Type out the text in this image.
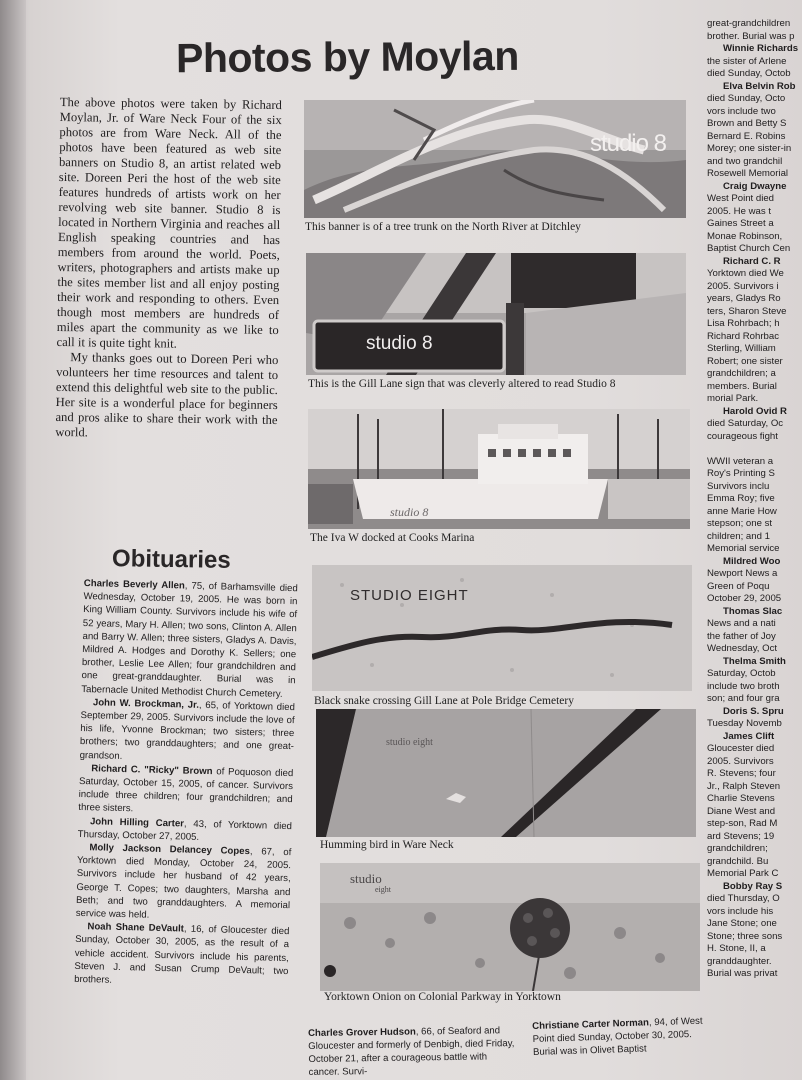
Photos by Moylan

The above photos were taken by Richard Moylan, Jr. of Ware Neck Four of the six photos are from Ware Neck. All of the photos have been featured as web site banners on Studio 8, an artist related web site. Doreen Peri the host of the web site features hundreds of artists work on her revolving web site banner. Studio 8 is located in Northern Virginia and reaches all English speaking countries and has members from around the world. Poets, writers, photographers and artists make up the sites member list and all enjoy posting their work and responding to others. Even though most members are hundreds of miles apart the community as we like to call it is quite tight knit.

My thanks goes out to Doreen Peri who volunteers her time resources and talent to extend this delightful web site to the public. Her site is a wonderful place for beginners and pros alike to share their work with the world.

Obituaries

Charles Beverly Allen, 75, of Barhamsville died Wednesday, October 19, 2005. He was born in King William County. Survivors include his wife of 52 years, Mary H. Allen; two sons, Clinton A. Allen and Barry W. Allen; three sisters, Gladys A. Davis, Mildred A. Hodges and Dorothy K. Sellers; one brother, Leslie Lee Allen; four grandchildren and one great-granddaughter. Burial was in Tabernacle United Methodist Church Cemetery.

John W. Brockman, Jr., 65, of Yorktown died September 29, 2005. Survivors include the love of his life, Yvonne Brockman; two sisters; three brothers; two granddaughters; and one great-grandson.

Richard C. "Ricky" Brown of Poquoson died Saturday, October 15, 2005, of cancer. Survivors include three children; four grandchildren; and three sisters.

John Hilling Carter, 43, of Yorktown died Thursday, October 27, 2005.

Molly Jackson Delancey Copes, 67, of Yorktown died Monday, October 24, 2005. Survivors include her husband of 42 years, George T. Copes; two daughters, Marsha and Beth; and two granddaughters. A memorial service was held.

Noah Shane DeVault, 16, of Gloucester died Sunday, October 30, 2005, as the result of a vehicle accident. Survivors include his parents, Steven J. and Susan Crump DeVault; two brothers.

studio 8
This banner is of a tree trunk on the North River at Ditchley
studio 8
This is the Gill Lane sign that was cleverly altered to read Studio 8
studio 8
The Iva W docked at Cooks Marina
STUDIO EIGHT
Black snake crossing Gill Lane at Pole Bridge Cemetery
studio eight
Humming bird in Ware Neck
studio
eight
Yorktown Onion on Colonial Parkway in Yorktown
Charles Grover Hudson, 66, of Seaford and Gloucester and formerly of Denbigh, died Friday, October 21, after a courageous battle with cancer. Survi-
Christiane Carter Norman, 94, of West Point died Sunday, October 30, 2005. Burial was in Olivet Baptist

great-grandchildren

brother. Burial was p

Winnie Richards

the sister of Arlene

died Sunday, Octob

Elva Belvin Rob

died Sunday, Octo

vors include two

Brown and Betty S

Bernard E. Robins

Morey; one sister-in

and two grandchil

Rosewell Memorial

Craig Dwayne

West Point died

2005. He was t

Gaines Street a

Monae Robinson,

Baptist Church Cen

Richard C. R

Yorktown died We

2005. Survivors i

years, Gladys Ro

ters, Sharon Steve

Lisa Rohrbach; h

Richard Rohrbac

Sterling, William

Robert; one sister

grandchildren; a

members. Burial

morial Park.

Harold Ovid R

died Saturday, Oc

courageous fight

WWII veteran a

Roy's Printing S

Survivors inclu

Emma Roy; five

anne Marie How

stepson; one st

children; and 1

Memorial service

Mildred Woo

Newport News a

Green of Poqu

October 29, 2005

Thomas Slac

News and a nati

the father of Joy

Wednesday, Oct

Thelma Smith

Saturday, Octob

include two broth

son; and four gra

Doris S. Spru

Tuesday Novemb

James Clift

Gloucester died

2005. Survivors

R. Stevens; four

Jr., Ralph Steven

Charlie Stevens

Diane West and

step-son, Rad M

ard Stevens; 19

grandchildren;

grandchild. Bu

Memorial Park C

Bobby Ray S

died Thursday, O

vors include his

Jane Stone; one

Stone; three sons

H. Stone, II, a

granddaughter.

Burial was privat
